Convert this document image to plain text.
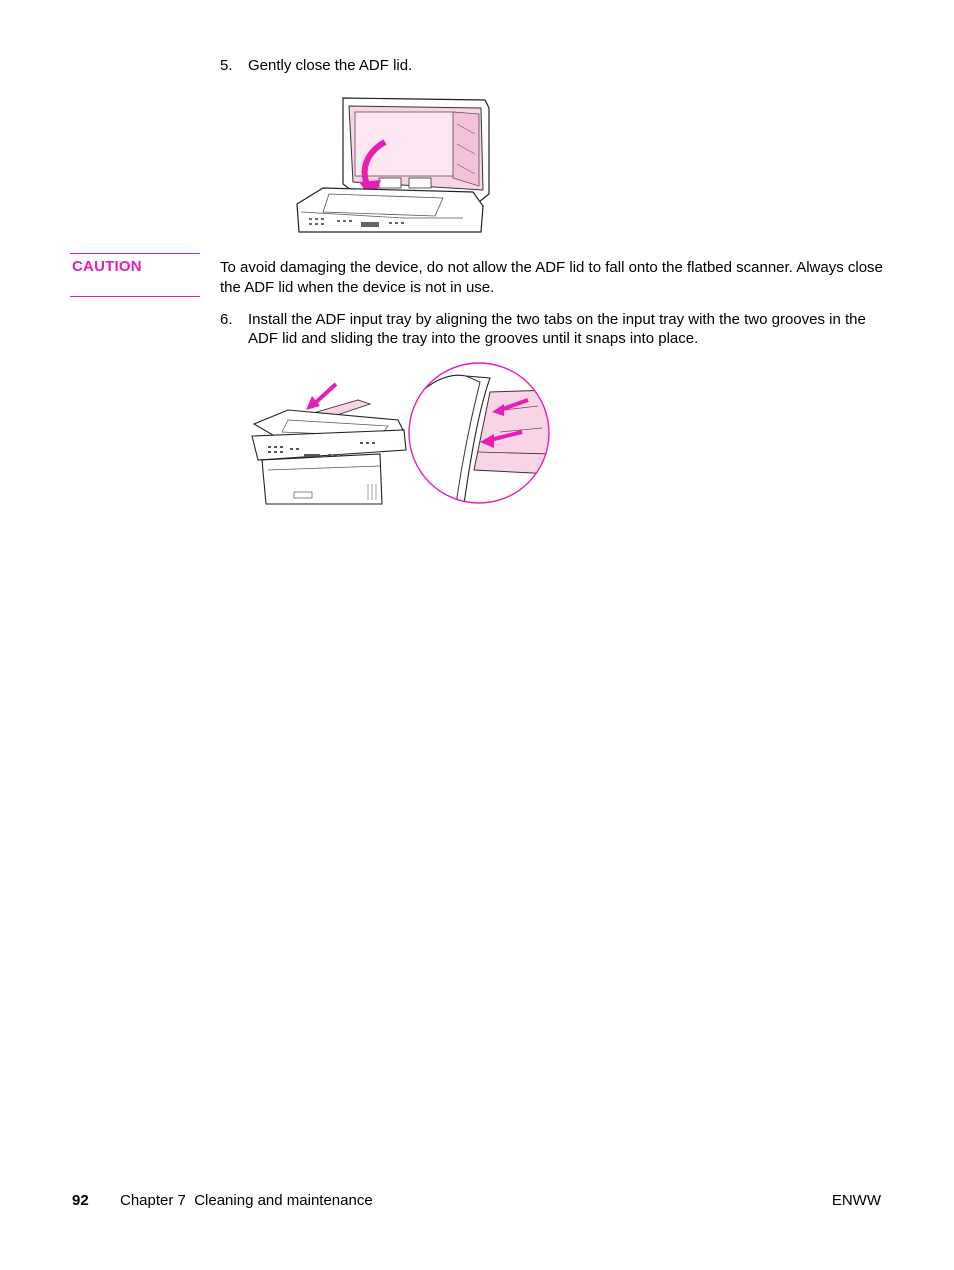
5. Gently close the ADF lid.
CAUTION	To avoid damaging the device, do not allow the ADF lid to fall onto the flatbed scanner. Always close the ADF lid when the device is not in use.
6. Install the ADF input tray by aligning the two tabs on the input tray with the two grooves in the ADF lid and sliding the tray into the grooves until it snaps into place.
92 Chapter 7  Cleaning and maintenance	ENWW
